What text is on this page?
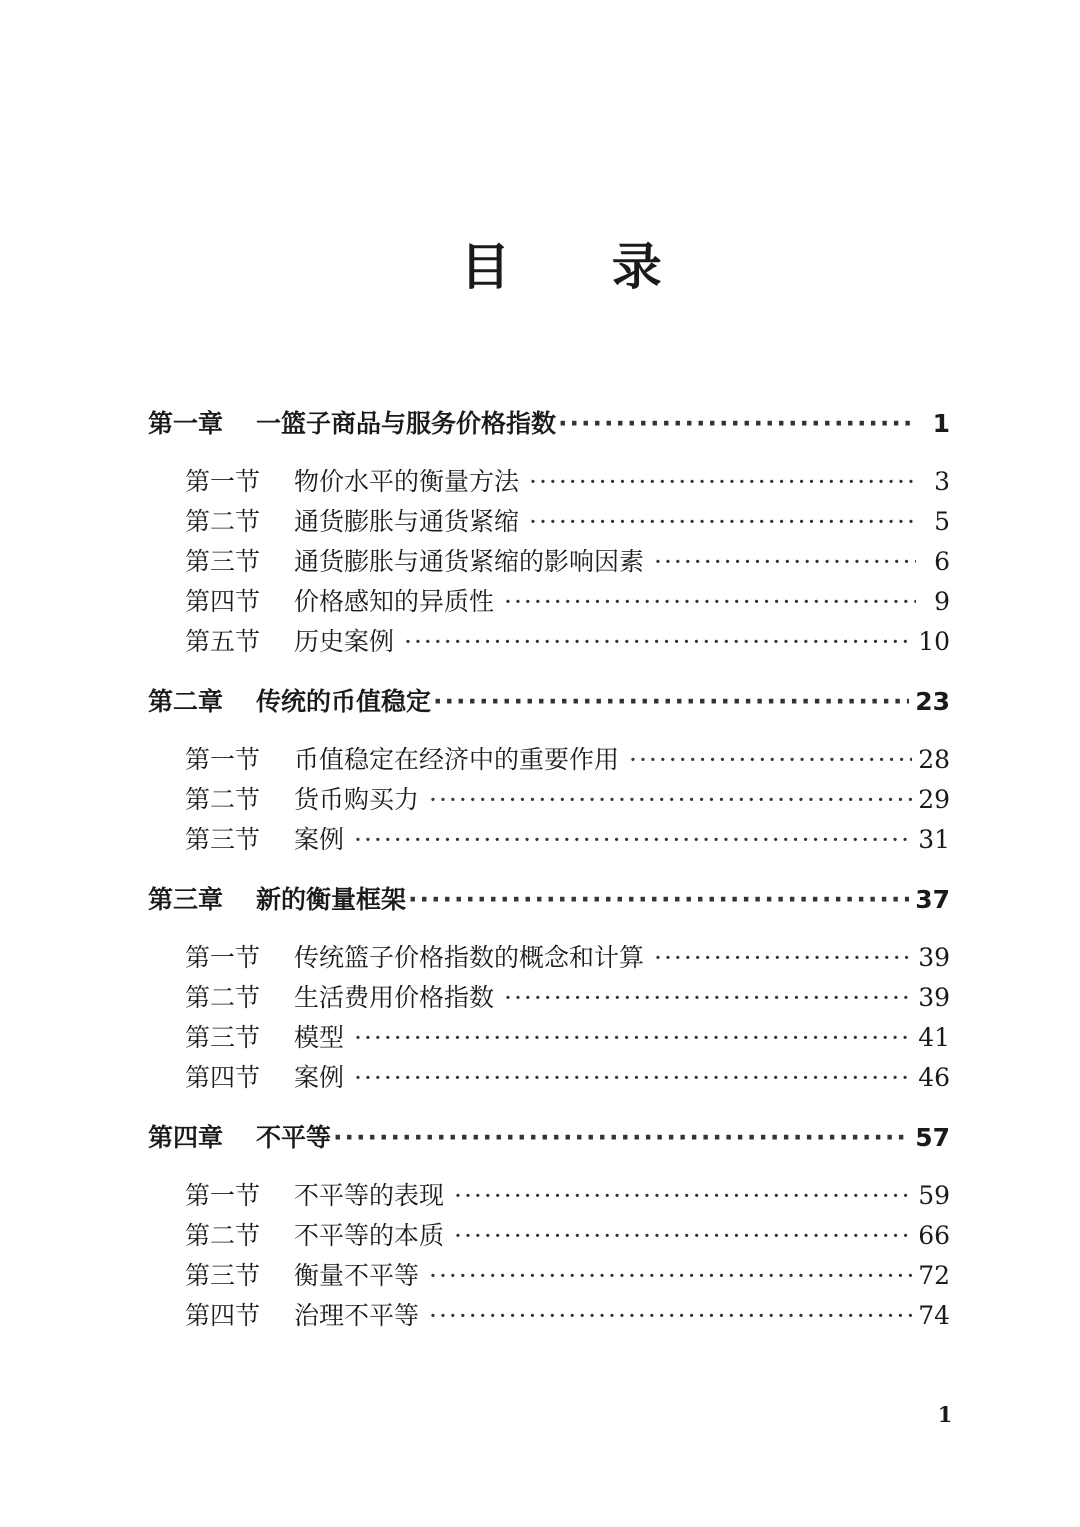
目 录
第一章	一篮子商品与服务价格指数 ·····	1
第一节	物价水平的衡量方法 ·····	3
第二节	通货膨胀与通货紧缩 ·····	5
第三节	通货膨胀与通货紧缩的影响因素 ·····	6
第四节	价格感知的异质性 ·····	9
第五节	历史案例 ·····	10
第二章	传统的币值稳定 ·····	23
第一节	币值稳定在经济中的重要作用 ·····	28
第二节	货币购买力 ·····	29
第三节	案例 ·····	31
第三章	新的衡量框架 ·····	37
第一节	传统篮子价格指数的概念和计算 ·····	39
第二节	生活费用价格指数 ·····	39
第三节	模型 ·····	41
第四节	案例 ·····	46
第四章	不平等 ·····	57
第一节	不平等的表现 ·····	59
第二节	不平等的本质 ·····	66
第三节	衡量不平等 ·····	72
第四节	治理不平等 ·····	74
1
